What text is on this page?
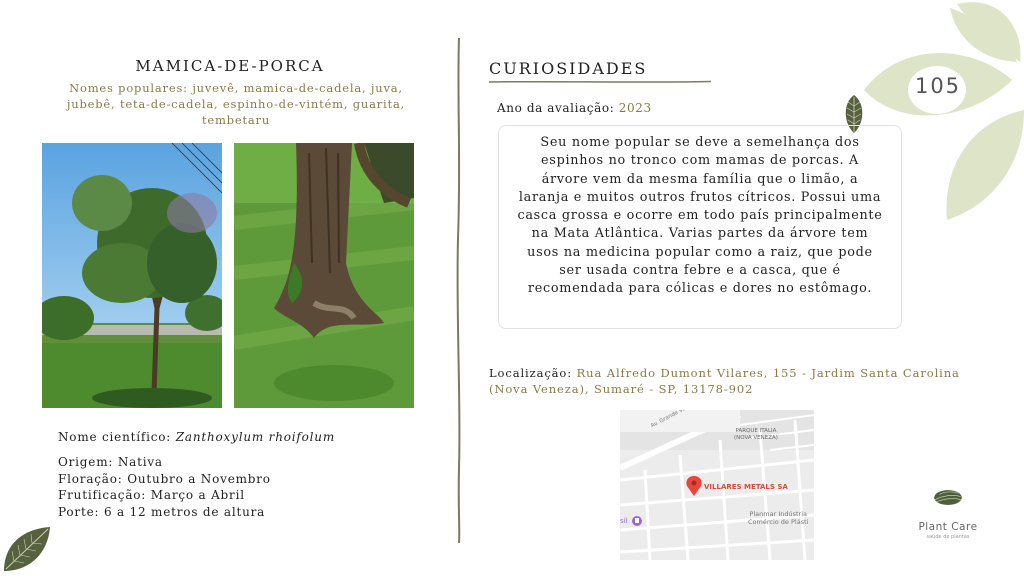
105
MAMICA-DE-PORCA
Nomes populares: juvevê, mamica-de-cadela, juva, jubebê, teta-de-cadela, espinho-de-vintém, guarita, tembetaru
Nome científico: Zanthoxylum rhoifolum
Origem: Nativa
Floração: Outubro a Novembro
Frutificação: Março a Abril
Porte: 6 a 12 metros de altura
CURIOSIDADES
Ano da avaliação: 2023
Seu nome popular se deve a semelhança dos espinhos no tronco com mamas de porcas. A árvore vem da mesma família que o limão, a laranja e muitos outros frutos cítricos. Possui uma casca grossa e ocorre em todo país principalmente na Mata Atlântica. Varias partes da árvore tem usos na medicina popular como a raiz, que pode ser usada contra febre e a casca, que é recomendada para cólicas e dores no estômago.
Localização: Rua Alfredo Dumont Vilares, 155 - Jardim Santa Carolina (Nova Veneza), Sumaré - SP, 13178-902
PARQUE ITALIA
(NOVA VENEZA)
VILLARES METALS SA
Planmar Indústria
Comércio de Plásti
sil	Plant Care
saúde de plantas
